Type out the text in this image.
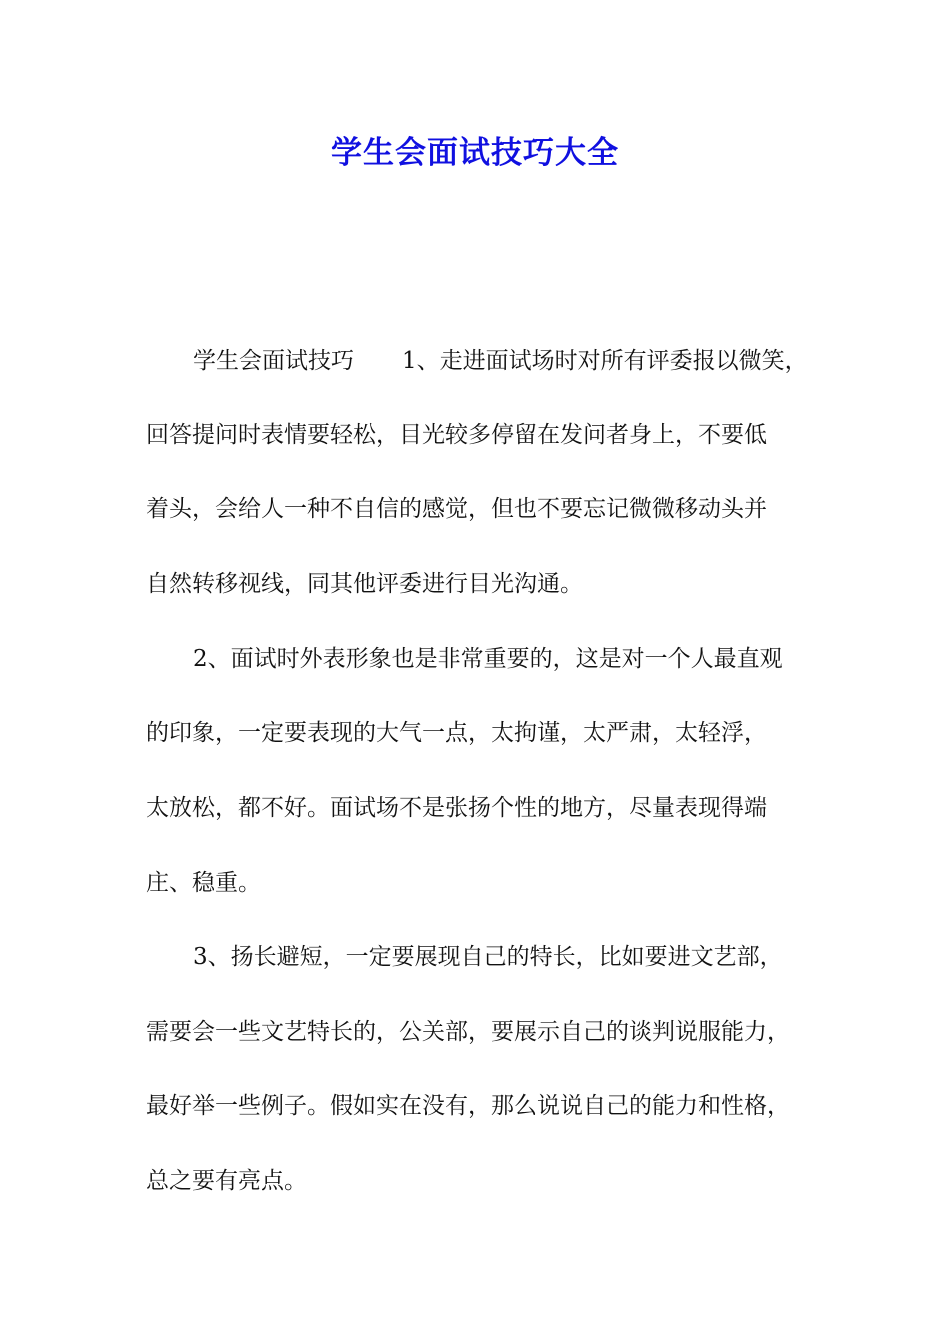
学生会面试技巧大全
学生会面试技巧 1、走进面试场时对所有评委报以微笑，
回答提问时表情要轻松，目光较多停留在发问者身上，不要低
着头，会给人一种不自信的感觉，但也不要忘记微微移动头并
自然转移视线，同其他评委进行目光沟通。
2、面试时外表形象也是非常重要的，这是对一个人最直观
的印象，一定要表现的大气一点，太拘谨，太严肃，太轻浮，
太放松，都不好。面试场不是张扬个性的地方，尽量表现得端
庄、稳重。
3、扬长避短，一定要展现自己的特长，比如要进文艺部，
需要会一些文艺特长的，公关部，要展示自己的谈判说服能力，
最好举一些例子。假如实在没有，那么说说自己的能力和性格，
总之要有亮点。
